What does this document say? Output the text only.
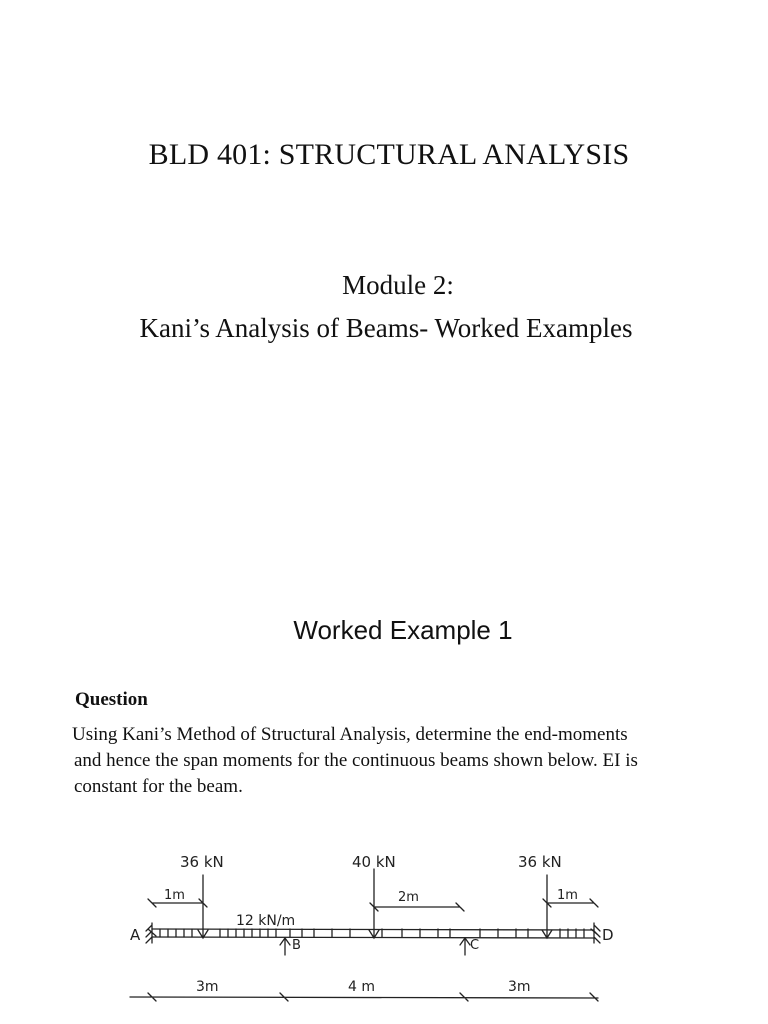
BLD 401: STRUCTURAL ANALYSIS
Module 2:
Kani’s Analysis of Beams- Worked Examples
Worked Example 1
Question
Using Kani’s Method of Structural Analysis, determine the end-moments
and hence the span moments for the continuous beams shown below. EI is
constant for the beam.
36 kN	40 kN	36 kN
1m	2m	1m
12 kN/m
A
B	C
D
3m	4 m	3m
